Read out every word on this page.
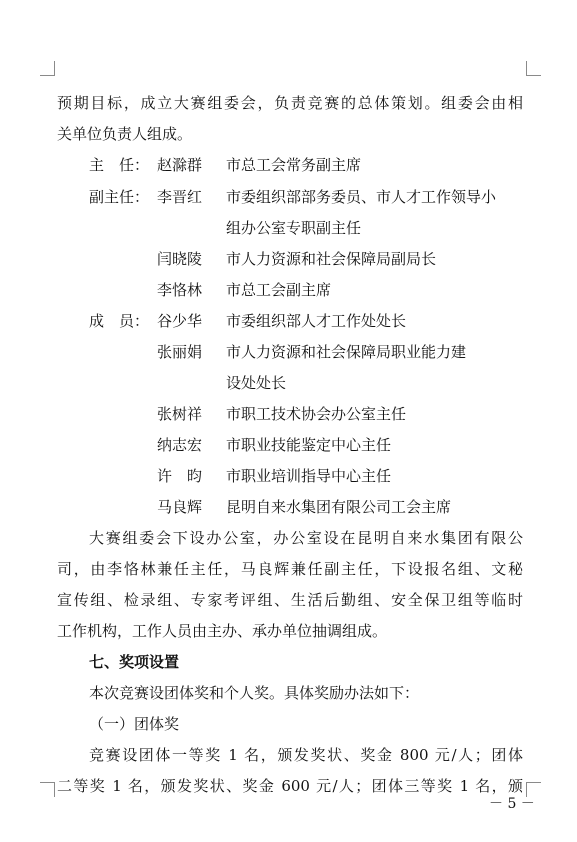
预期目标，成立大赛组委会，负责竞赛的总体策划。组委会由相
关单位负责人组成。
主　任： 赵滁群	市总工会常务副主席
副主任： 李晋红	市委组织部部务委员、市人才工作领导小
组办公室专职副主任
闫晓陵	市人力资源和社会保障局副局长
李恪林	市总工会副主席
成　员： 谷少华	市委组织部人才工作处处长
张丽娟	市人力资源和社会保障局职业能力建
设处处长
张树祥	市职工技术协会办公室主任
纳志宏	市职业技能鉴定中心主任
许　昀	市职业培训指导中心主任
马良辉	昆明自来水集团有限公司工会主席
大赛组委会下设办公室，办公室设在昆明自来水集团有限公
司，由李恪林兼任主任，马良辉兼任副主任，下设报名组、文秘
宣传组、检录组、专家考评组、生活后勤组、安全保卫组等临时
工作机构，工作人员由主办、承办单位抽调组成。
七、奖项设置
本次竞赛设团体奖和个人奖。具体奖励办法如下：
（一）团体奖
竞赛设团体一等奖 1 名，颁发奖状、奖金 800 元/人；团体
二等奖 1 名，颁发奖状、奖金 600 元/人；团体三等奖 1 名，颁
－ 5 －
